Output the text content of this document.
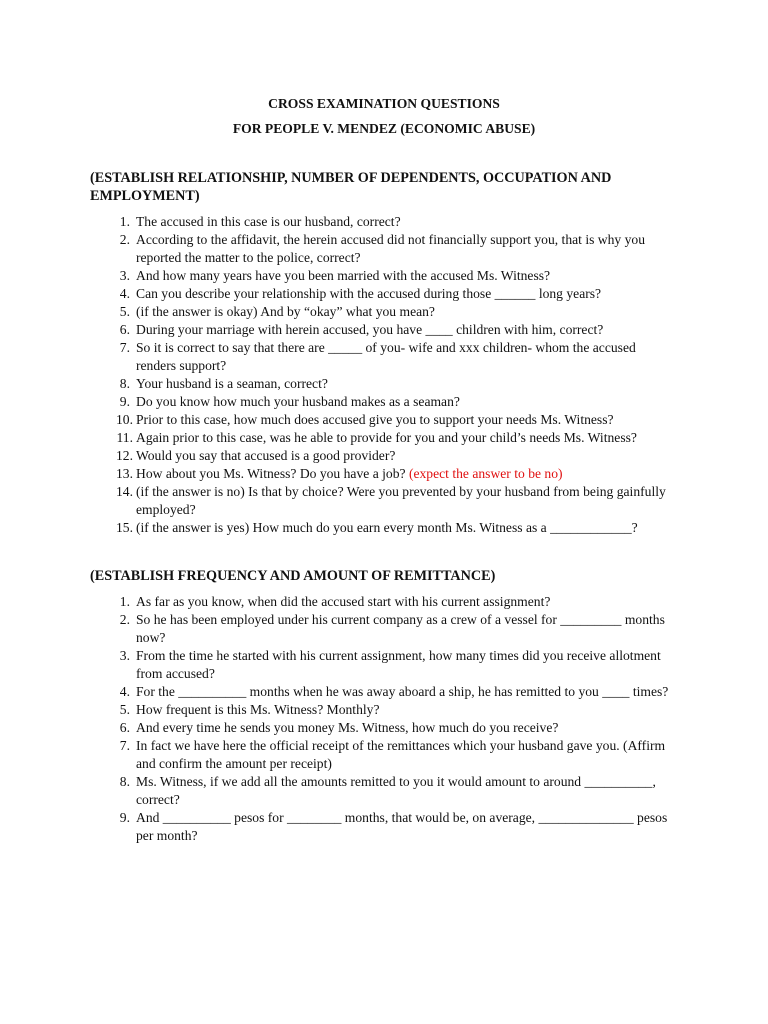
CROSS EXAMINATION QUESTIONS
FOR PEOPLE V. MENDEZ (ECONOMIC ABUSE)
(ESTABLISH RELATIONSHIP, NUMBER OF DEPENDENTS, OCCUPATION AND EMPLOYMENT)
1. The accused in this case is our husband, correct?
2. According to the affidavit, the herein accused did not financially support you, that is why you reported the matter to the police, correct?
3. And how many years have you been married with the accused Ms. Witness?
4. Can you describe your relationship with the accused during those ______ long years?
5. (if the answer is okay) And by “okay” what you mean?
6. During your marriage with herein accused, you have ____ children with him, correct?
7. So it is correct to say that there are _____ of you- wife and xxx children- whom the accused renders support?
8. Your husband is a seaman, correct?
9. Do you know how much your husband makes as a seaman?
10. Prior to this case, how much does accused give you to support your needs Ms. Witness?
11. Again prior to this case, was he able to provide for you and your child’s needs Ms. Witness?
12. Would you say that accused is a good provider?
13. How about you Ms. Witness? Do you have a job? (expect the answer to be no)
14. (if the answer is no) Is that by choice? Were you prevented by your husband from being gainfully employed?
15. (if the answer is yes) How much do you earn every month Ms. Witness as a ____________?
(ESTABLISH FREQUENCY AND AMOUNT OF REMITTANCE)
1. As far as you know, when did the accused start with his current assignment?
2. So he has been employed under his current company as a crew of a vessel for _________ months now?
3. From the time he started with his current assignment, how many times did you receive allotment from accused?
4. For the __________ months when he was away aboard a ship, he has remitted to you ____ times?
5. How frequent is this Ms. Witness? Monthly?
6. And every time he sends you money Ms. Witness, how much do you receive?
7. In fact we have here the official receipt of the remittances which your husband gave you. (Affirm and confirm the amount per receipt)
8. Ms. Witness, if we add all the amounts remitted to you it would amount to around __________, correct?
9. And __________ pesos for ________ months, that would be, on average, ______________ pesos per month?
